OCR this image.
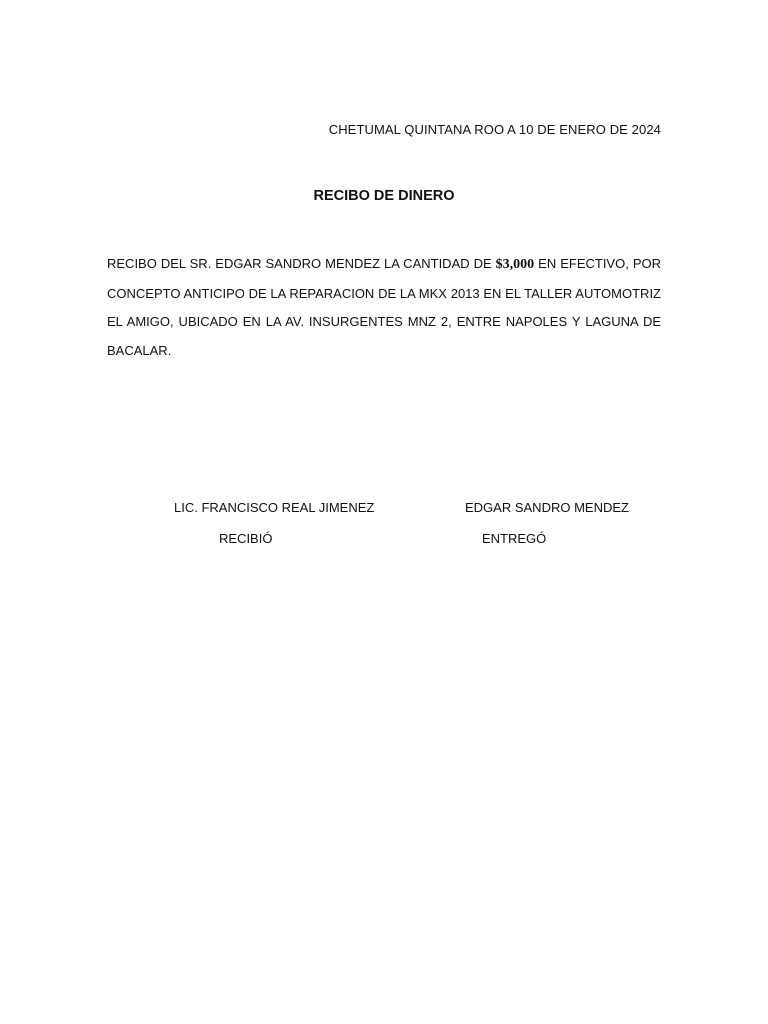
CHETUMAL QUINTANA ROO A 10 DE ENERO DE 2024
RECIBO DE DINERO

RECIBO DEL SR. EDGAR SANDRO MENDEZ LA CANTIDAD DE $3,000 EN EFECTIVO, POR CONCEPTO ANTICIPO DE LA REPARACION DE LA MKX 2013 EN EL TALLER AUTOMOTRIZ EL AMIGO, UBICADO EN LA AV. INSURGENTES MNZ 2, ENTRE NAPOLES Y LAGUNA DE BACALAR.

LIC. FRANCISCO REAL JIMENEZ
RECIBIÓ
EDGAR SANDRO MENDEZ
ENTREGÓ
